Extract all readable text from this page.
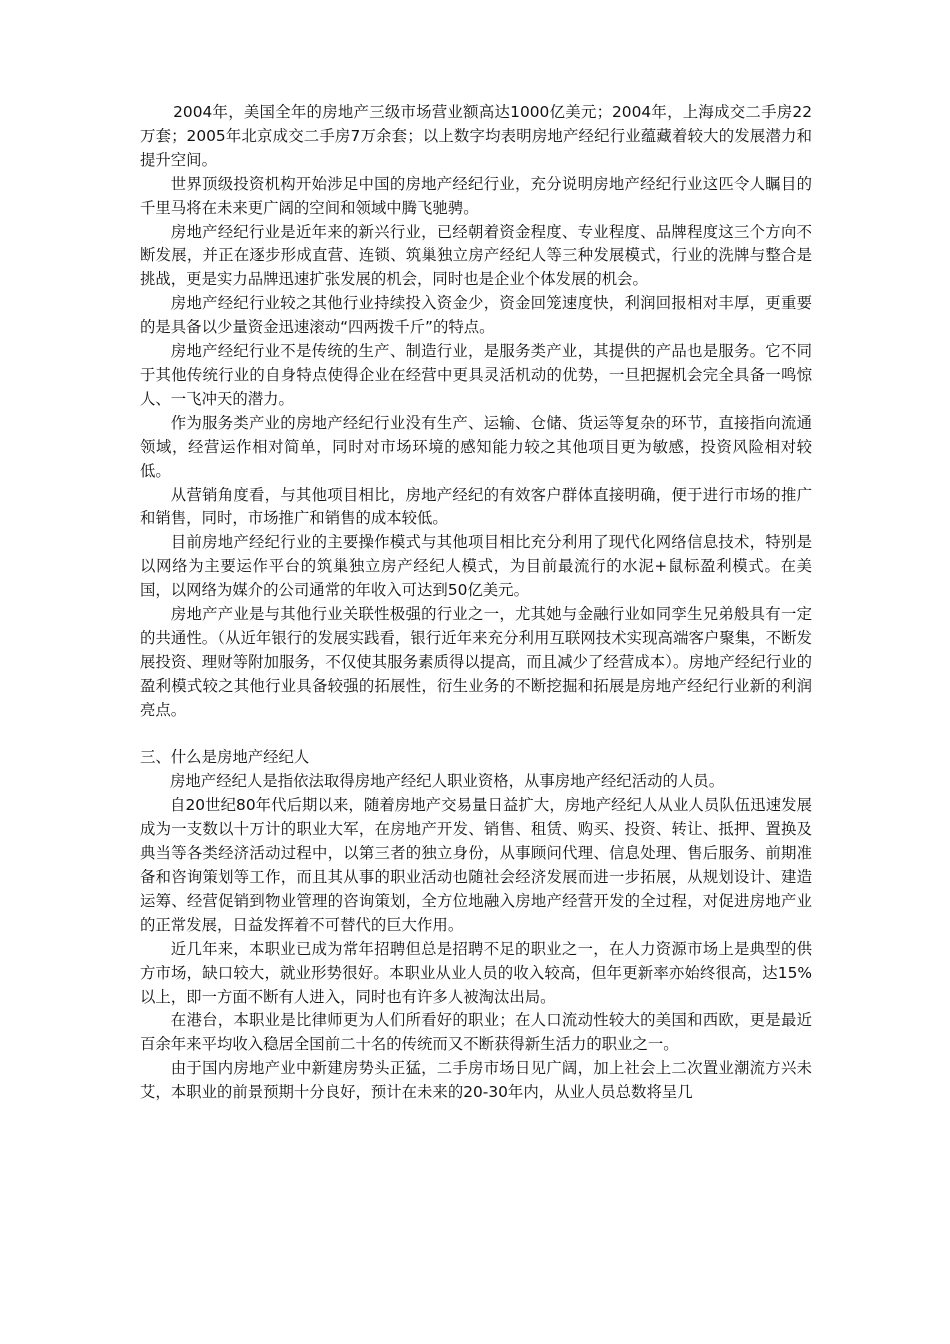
2004年，美国全年的房地产三级市场营业额高达1000亿美元；2004年，上海成交二手房22万套；2005年北京成交二手房7万余套；以上数字均表明房地产经纪行业蕴藏着较大的发展潜力和提升空间。

世界顶级投资机构开始涉足中国的房地产经纪行业，充分说明房地产经纪行业这匹令人瞩目的千里马将在未来更广阔的空间和领域中腾飞驰骋。

房地产经纪行业是近年来的新兴行业，已经朝着资金程度、专业程度、品牌程度这三个方向不断发展，并正在逐步形成直营、连锁、筑巢独立房产经纪人等三种发展模式，行业的洗牌与整合是挑战，更是实力品牌迅速扩张发展的机会，同时也是企业个体发展的机会。

房地产经纪行业较之其他行业持续投入资金少，资金回笼速度快，利润回报相对丰厚，更重要的是具备以少量资金迅速滚动“四两拨千斤”的特点。

房地产经纪行业不是传统的生产、制造行业，是服务类产业，其提供的产品也是服务。它不同于其他传统行业的自身特点使得企业在经营中更具灵活机动的优势，一旦把握机会完全具备一鸣惊人、一飞冲天的潜力。

作为服务类产业的房地产经纪行业没有生产、运输、仓储、货运等复杂的环节，直接指向流通领域，经营运作相对简单，同时对市场环境的感知能力较之其他项目更为敏感，投资风险相对较低。

从营销角度看，与其他项目相比，房地产经纪的有效客户群体直接明确，便于进行市场的推广和销售，同时，市场推广和销售的成本较低。

目前房地产经纪行业的主要操作模式与其他项目相比充分利用了现代化网络信息技术，特别是以网络为主要运作平台的筑巢独立房产经纪人模式，为目前最流行的水泥+鼠标盈利模式。在美国，以网络为媒介的公司通常的年收入可达到50亿美元。

房地产产业是与其他行业关联性极强的行业之一，尤其她与金融行业如同孪生兄弟般具有一定的共通性。（从近年银行的发展实践看，银行近年来充分利用互联网技术实现高端客户聚集，不断发展投资、理财等附加服务，不仅使其服务素质得以提高，而且减少了经营成本）。房地产经纪行业的盈利模式较之其他行业具备较强的拓展性，衍生业务的不断挖掘和拓展是房地产经纪行业新的利润亮点。

三、什么是房地产经纪人

房地产经纪人是指依法取得房地产经纪人职业资格，从事房地产经纪活动的人员。

自20世纪80年代后期以来，随着房地产交易量日益扩大，房地产经纪人从业人员队伍迅速发展成为一支数以十万计的职业大军，在房地产开发、销售、租赁、购买、投资、转让、抵押、置换及典当等各类经济活动过程中，以第三者的独立身份，从事顾问代理、信息处理、售后服务、前期准备和咨询策划等工作，而且其从事的职业活动也随社会经济发展而进一步拓展，从规划设计、建造运筹、经营促销到物业管理的咨询策划，全方位地融入房地产经营开发的全过程，对促进房地产业的正常发展，日益发挥着不可替代的巨大作用。

近几年来，本职业已成为常年招聘但总是招聘不足的职业之一，在人力资源市场上是典型的供方市场，缺口较大，就业形势很好。本职业从业人员的收入较高，但年更新率亦始终很高，达15%以上，即一方面不断有人进入，同时也有许多人被淘汰出局。

在港台，本职业是比律师更为人们所看好的职业；在人口流动性较大的美国和西欧，更是最近百余年来平均收入稳居全国前二十名的传统而又不断获得新生活力的职业之一。

由于国内房地产业中新建房势头正猛，二手房市场日见广阔，加上社会上二次置业潮流方兴未艾，本职业的前景预期十分良好，预计在未来的20-30年内，从业人员总数将呈几
